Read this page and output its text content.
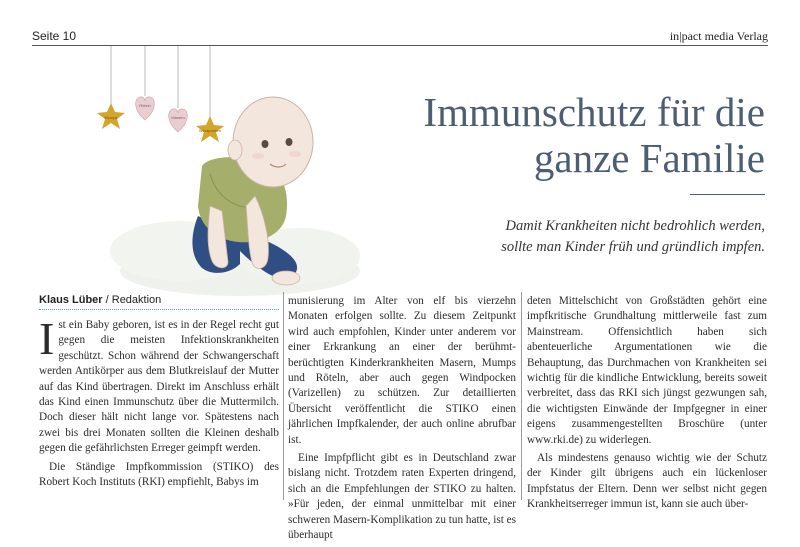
Seite 10	in|pact media Verlag
Mumps
Röteln
Masern
Windpocken	Immunschutz für die
ganze Familie

Damit Krankheiten nicht bedrohlich werden,
sollte man Kinder früh und gründlich impfen.

Klaus Lüber / Redaktion

Ist ein Baby geboren, ist es in der Regel recht gut gegen die meisten Infektionskrankheiten geschützt. Schon während der Schwangerschaft werden Antikörper aus dem Blutkreislauf der Mutter auf das Kind übertragen. Direkt im Anschluss erhält das Kind einen Immunschutz über die Muttermilch. Doch dieser hält nicht lange vor. Spätestens nach zwei bis drei Monaten sollten die Kleinen deshalb gegen die gefährlichsten Erreger geimpft werden.

Die Ständige Impfkommission (STIKO) des Robert Koch Instituts (RKI) empfiehlt, Babys im

munisierung im Alter von elf bis vierzehn Monaten erfolgen sollte. Zu diesem Zeitpunkt wird auch empfohlen, Kinder unter anderem vor einer Erkrankung an einer der berühmt-berüchtigten Kinderkrankheiten Masern, Mumps und Röteln, aber auch gegen Windpocken (Varizellen) zu schützen. Zur detaillierten Übersicht veröffentlicht die STIKO einen jährlichen Impfkalender, der auch online abrufbar ist.

Eine Impfpflicht gibt es in Deutschland zwar bislang nicht. Trotzdem raten Experten dringend, sich an die Empfehlungen der STIKO zu halten. »Für jeden, der einmal unmittelbar mit einer schweren Masern-Komplikation zu tun hatte, ist es überhaupt

deten Mittelschicht von Großstädten gehört eine impfkritische Grundhaltung mittlerweile fast zum Mainstream. Offensichtlich haben sich abenteuerliche Argumentationen wie die Behauptung, das Durchmachen von Krankheiten sei wichtig für die kindliche Entwicklung, bereits soweit verbreitet, dass das RKI sich jüngst gezwungen sah, die wichtigsten Einwände der Impfgegner in einer eigens zusammengestellten Broschüre (unter www.rki.de) zu widerlegen.

Als mindestens genauso wichtig wie der Schutz der Kinder gilt übrigens auch ein lückenloser Impfstatus der Eltern. Denn wer selbst nicht gegen Krankheitserreger immun ist, kann sie auch über-
